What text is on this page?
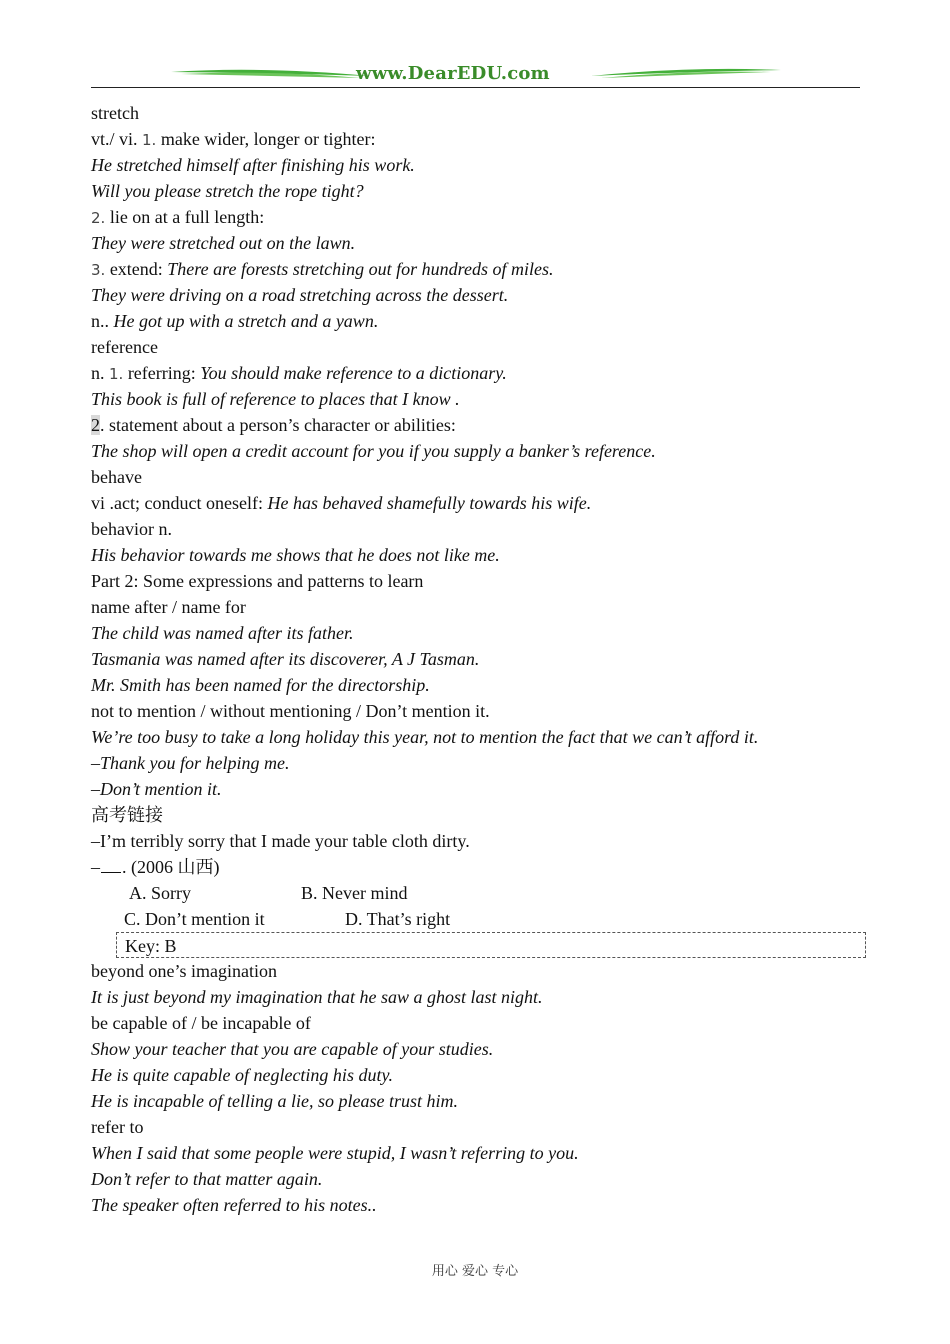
www.DearEDU.com
stretch
vt./ vi. 1. make wider, longer or tighter:
He stretched himself after finishing his work.
Will you please stretch the rope tight?
2. lie on at a full length:
They were stretched out on the lawn.
3. extend: There are forests stretching out for hundreds of miles.
They were driving on a road stretching across the dessert.
n.. He got up with a stretch and a yawn.
reference
n. 1. referring: You should make reference to a dictionary.
This book is full of reference to places that I know .
2. statement about a person’s character or abilities:
The shop will open a credit account for you if you supply a banker’s reference.
behave
vi .act; conduct oneself: He has behaved shamefully towards his wife.
behavior n.
His behavior towards me shows that he does not like me.
Part 2: Some expressions and patterns to learn
name after / name for
The child was named after its father.
Tasmania was named after its discoverer, A J Tasman.
Mr. Smith has been named for the directorship.
not to mention / without mentioning / Don’t mention it.
We’re too busy to take a long holiday this year, not to mention the fact that we can’t afford it.
–Thank you for helping me.
–Don’t mention it.
高考链接
–I’m terribly sorry that I made your table cloth dirty.
– . (2006 山西)
A. Sorry	B. Never mind
C. Don’t mention it	D. That’s right
Key: B
beyond one’s imagination
It is just beyond my imagination that he saw a ghost last night.
be capable of / be incapable of
Show your teacher that you are capable of your studies.
He is quite capable of neglecting his duty.
He is incapable of telling a lie, so please trust him.
refer to
When I said that some people were stupid, I wasn’t referring to you.
Don’t refer to that matter again.
The speaker often referred to his notes..
用心 爱心 专心
